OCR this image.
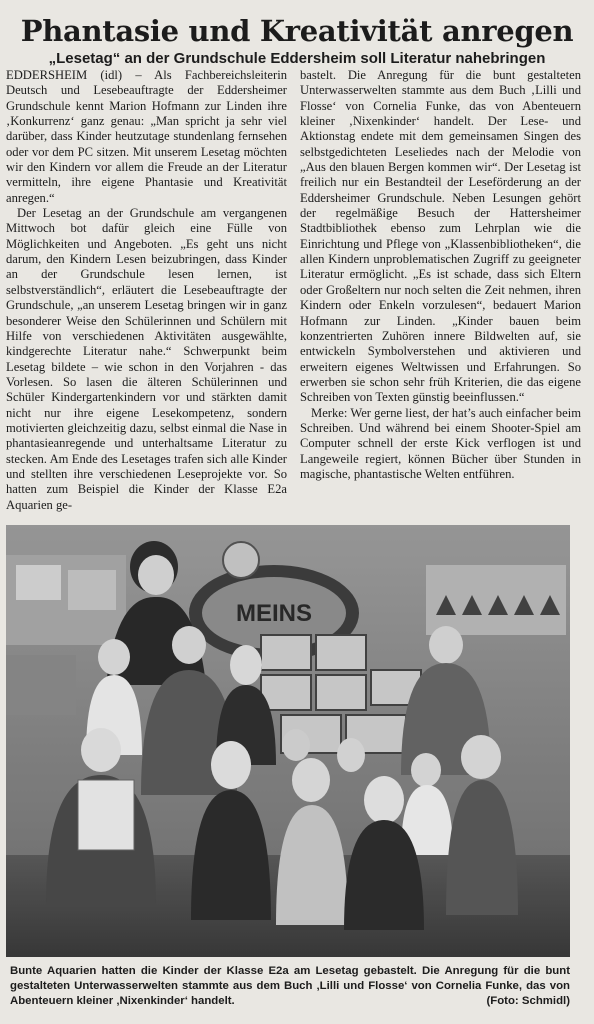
Phantasie und Kreativität anregen
„Lesetag“ an der Grundschule Eddersheim soll Literatur nahebringen

EDDERSHEIM (idl) – Als Fachbereichsleiterin Deutsch und Lesebeauftragte der Eddersheimer Grundschule kennt Marion Hofmann zur Linden ihre ‚Konkurrenz‘ ganz genau: „Man spricht ja sehr viel darüber, dass Kinder heutzutage stundenlang fernsehen oder vor dem PC sitzen. Mit unserem Lesetag möchten wir den Kindern vor allem die Freude an der Literatur vermitteln, ihre eigene Phantasie und Kreativität anregen.“

Der Lesetag an der Grundschule am vergangenen Mittwoch bot dafür gleich eine Fülle von Möglichkeiten und Angeboten. „Es geht uns nicht darum, den Kindern Lesen beizubringen, dass Kinder an der Grundschule lesen lernen, ist selbstverständlich“, erläutert die Lesebeauftragte der Grundschule, „an unserem Lesetag bringen wir in ganz besonderer Weise den Schülerinnen und Schülern mit Hilfe von verschiedenen Aktivitäten ausgewählte, kindgerechte Literatur nahe.“ Schwerpunkt beim Lesetag bildete – wie schon in den Vorjahren - das Vorlesen. So lasen die älteren Schülerinnen und Schüler Kindergartenkindern vor und stärkten damit nicht nur ihre eigene Lesekompetenz, sondern motivierten gleichzeitig dazu, selbst einmal die Nase in phantasieanregende und unterhaltsame Literatur zu stecken. Am Ende des Lesetages trafen sich alle Kinder und stellten ihre verschiedenen Leseprojekte vor. So hatten zum Beispiel die Kinder der Klasse E2a Aquarien ge-

bastelt. Die Anregung für die bunt gestalteten Unterwasserwelten stammte aus dem Buch ‚Lilli und Flosse‘ von Cornelia Funke, das von Abenteuern kleiner ‚Nixenkinder‘ handelt. Der Lese- und Aktionstag endete mit dem gemeinsamen Singen des selbstgedichteten Leseliedes nach der Melodie von „Aus den blauen Bergen kommen wir“. Der Lesetag ist freilich nur ein Bestandteil der Leseförderung an der Eddersheimer Grundschule. Neben Lesungen gehört der regelmäßige Besuch der Hattersheimer Stadtbibliothek ebenso zum Lehrplan wie die Einrichtung und Pflege von „Klassenbibliotheken“, die allen Kindern unproblematischen Zugriff zu geeigneter Literatur ermöglicht. „Es ist schade, dass sich Eltern oder Großeltern nur noch selten die Zeit nehmen, ihren Kindern oder Enkeln vorzulesen“, bedauert Marion Hofmann zur Linden. „Kinder bauen beim konzentrierten Zuhören innere Bildwelten auf, sie entwickeln Symbolverstehen und aktivieren und erweitern eigenes Weltwissen und Erfahrungen. So erwerben sie schon sehr früh Kriterien, die das eigene Schreiben von Texten günstig beeinflussen.“

Merke: Wer gerne liest, der hat’s auch einfacher beim Schreiben. Und während bei einem Shooter-Spiel am Computer schnell der erste Kick verflogen ist und Langeweile regiert, können Bücher über Stunden in magische, phantastische Welten entführen.

MEINS
Bunte Aquarien hatten die Kinder der Klasse E2a am Lesetag gebastelt. Die Anregung für die bunt gestalteten Unterwasserwelten stammte aus dem Buch ‚Lilli und Flosse‘ von Cornelia Funke, das von Abenteuern kleiner ‚Nixenkinder‘ handelt.	(Foto: Schmidl)
